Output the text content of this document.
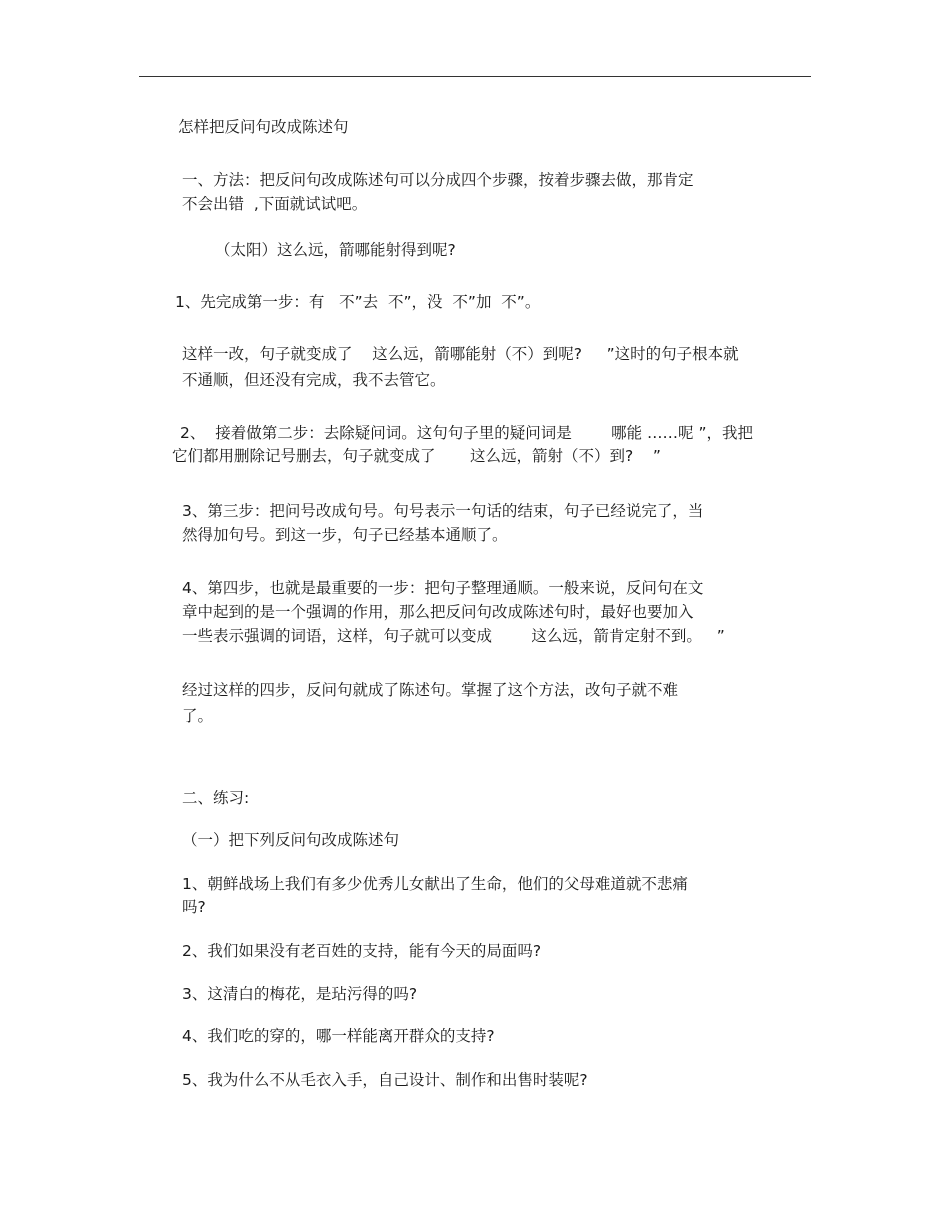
怎样把反问句改成陈述句
一、方法：把反问句改成陈述句可以分成四个步骤，按着步骤去做，那肯定
不会出错  ,下面就试试吧。
（太阳）这么远，箭哪能射得到呢?
1、先完成第一步：有   不”去  不”，没  不”加  不”。
这样一改，句子就变成了    这么远，箭哪能射（不）到呢?     ”这时的句子根本就
不通顺，但还没有完成，我不去管它。
2、  接着做第二步：去除疑问词。这句句子里的疑问词是        哪能 ……呢 ”，我把
它们都用删除记号删去，句子就变成了       这么远，箭射（不）到?    ”
3、第三步：把问号改成句号。句号表示一句话的结束，句子已经说完了，当
然得加句号。到这一步，句子已经基本通顺了。
4、第四步，也就是最重要的一步：把句子整理通顺。一般来说，反问句在文
章中起到的是一个强调的作用，那么把反问句改成陈述句时，最好也要加入
一些表示强调的词语，这样，句子就可以变成        这么远，箭肯定射不到。   ”
经过这样的四步，反问句就成了陈述句。掌握了这个方法，改句子就不难
了。
二、练习:
（一）把下列反问句改成陈述句
1、朝鲜战场上我们有多少优秀儿女献出了生命，他们的父母难道就不悲痛
吗?
2、我们如果没有老百姓的支持，能有今天的局面吗?
3、这清白的梅花，是玷污得的吗?
4、我们吃的穿的，哪一样能离开群众的支持?
5、我为什么不从毛衣入手，自己设计、制作和出售时装呢?
